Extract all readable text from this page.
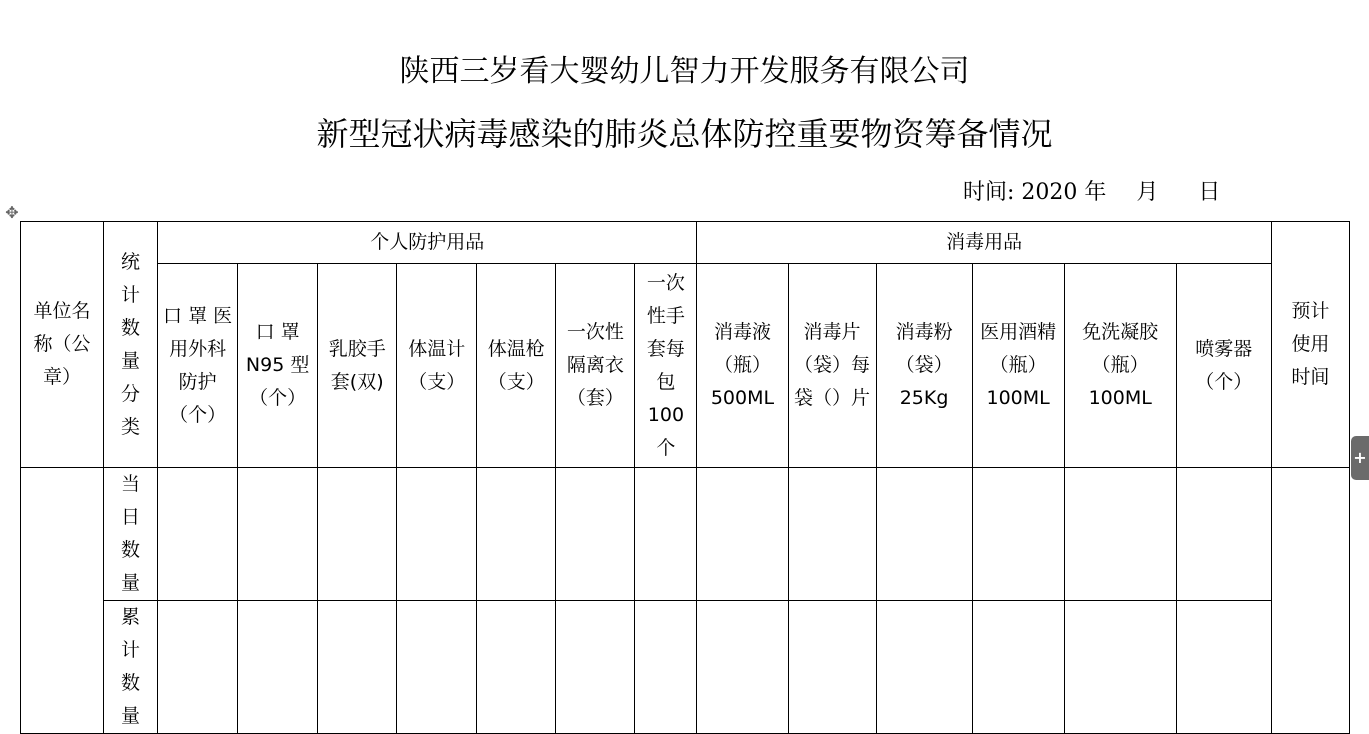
陕西三岁看大婴幼儿智力开发服务有限公司
新型冠状病毒感染的肺炎总体防控重要物资筹备情况
时间: 2020 年 月 日
✥
单位名称（公章）	统计数量分类	个人防护用品							消毒用品						预计使用时间

		口 罩 医用外科防护（个）	口 罩 N95 型 （个）	乳胶手套(双)	体温计（支）	体温枪（支）	一次性隔离衣（套）	一次性手套每包100个	消毒液（瓶）500ML	消毒片（袋）每袋（）片	消毒粉（袋）25Kg	医用酒精（瓶）100ML	免洗凝胶（瓶）100ML	喷雾器（个）	

	当日数量														

	累计数量														

+
